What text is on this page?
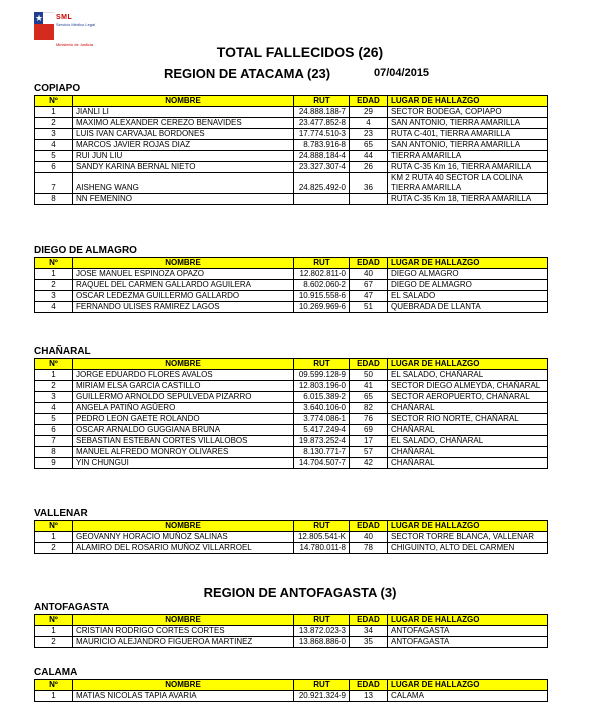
★ SML
Servicio Médico Legal
Ministerio de Justicia	TOTAL FALLECIDOS (26)
REGION DE ATACAMA (23)	07/04/2015
REGION DE ANTOFAGASTA (3)
COPIAPO
Nº	NOMBRE	RUT	EDAD	LUGAR DE HALLAZGO
1	JIANLI LI	24.888.188-7	29	SECTOR BODEGA, COPIAPO
2	MAXIMO ALEXANDER CEREZO BENAVIDES	23.477.852-8	4	SAN ANTONIO, TIERRA AMARILLA
3	LUIS IVAN CARVAJAL BORDONES	17.774.510-3	23	RUTA C-401, TIERRA AMARILLA
4	MARCOS JAVIER ROJAS DIAZ	8.783.916-8	65	SAN ANTONIO, TIERRA AMARILLA
5	RUI JUN LIU	24.888.184-4	44	TIERRA AMARILLA
6	SANDY KARINA BERNAL NIETO	23.327.307-4	26	RUTA C-35 Km 16, TIERRA AMARILLA
7	AISHENG WANG	24.825.492-0	36	KM 2 RUTA 40 SECTOR LA COLINA TIERRA AMARILLA
8	NN FEMENINO			RUTA C-35 Km 18, TIERRA AMARILLA
DIEGO DE ALMAGRO
Nº	NOMBRE	RUT	EDAD	LUGAR DE HALLAZGO
1	JOSE MANUEL ESPINOZA OPAZO	12.802.811-0	40	DIEGO ALMAGRO
2	RAQUEL DEL CARMEN GALLARDO AGUILERA	8.602.060-2	67	DIEGO DE ALMAGRO
3	OSCAR LEDEZMA GUILLERMO GALLARDO	10.915.558-6	47	EL SALADO
4	FERNANDO ULISES RAMIREZ LAGOS	10.269.969-6	51	QUEBRADA DE LLANTA
CHAÑARAL
Nº	NOMBRE	RUT	EDAD	LUGAR DE HALLAZGO
1	JORGE EDUARDO FLORES AVALOS	09.599.128-9	50	EL SALADO, CHAÑARAL
2	MIRIAM ELSA GARCIA CASTILLO	12.803.196-0	41	SECTOR DIEGO ALMEYDA, CHAÑARAL
3	GUILLERMO ARNOLDO SEPULVEDA PIZARRO	6.015.389-2	65	SECTOR AEROPUERTO, CHAÑARAL
4	ANGELA PATIÑO AGÜERO	3.640.106-0	82	CHAÑARAL
5	PEDRO LEON GAETE ROLANDO	3.774.086-1	76	SECTOR RIO NORTE, CHAÑARAL
6	OSCAR ARNALDO GUGGIANA BRUNA	5.417.249-4	69	CHAÑARAL
7	SEBASTIAN ESTEBAN CORTES VILLALOBOS	19.873.252-4	17	EL SALADO, CHAÑARAL
8	MANUEL ALFREDO MONROY OLIVARES	8.130.771-7	57	CHAÑARAL
9	YIN CHUNGUI	14.704.507-7	42	CHAÑARAL
VALLENAR
Nº	NOMBRE	RUT	EDAD	LUGAR DE HALLAZGO
1	GEOVANNY HORACIO MUÑOZ SALINAS	12.805.541-K	40	SECTOR TORRE BLANCA, VALLENAR
2	ALAMIRO DEL ROSARIO MUÑOZ VILLARROEL	14.780.011-8	78	CHIGUINTO, ALTO DEL CARMEN
ANTOFAGASTA
Nº	NOMBRE	RUT	EDAD	LUGAR DE HALLAZGO
1	CRISTIAN RODRIGO CORTES CORTES	13.872.023-3	34	ANTOFAGASTA
2	MAURICIO ALEJANDRO FIGUEROA MARTINEZ	13.868.886-0	35	ANTOFAGASTA
CALAMA
Nº	NOMBRE	RUT	EDAD	LUGAR DE HALLAZGO
1	MATIAS NICOLAS TAPIA AVARIA	20.921.324-9	13	CALAMA
